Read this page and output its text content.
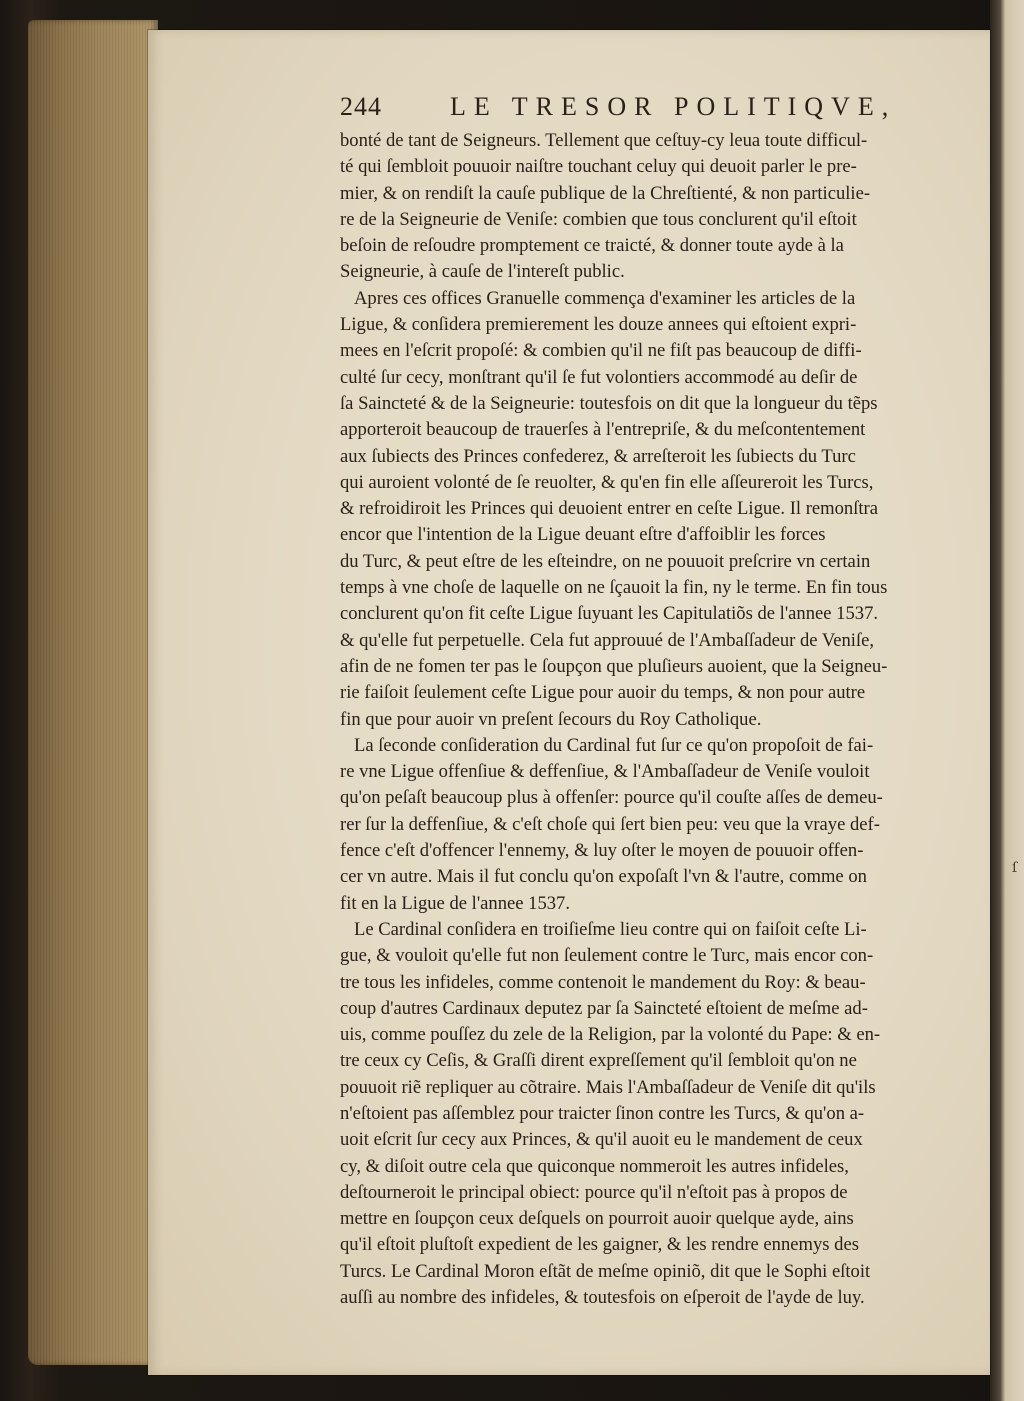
ſ
244	LE TRESOR POLITIQVE,
bonté de tant de Seigneurs. Tellement que ceſtuy-cy leua toute difficul-
té qui ſembloit pouuoir naiſtre touchant celuy qui deuoit parler le pre-
mier, & on rendiſt la cauſe publique de la Chreſtienté, & non particulie-
re de la Seigneurie de Veniſe: combien que tous conclurent qu'il eſtoit
beſoin de reſoudre promptement ce traicté, & donner toute ayde à la
Seigneurie, à cauſe de l'intereſt public.
Apres ces offices Granuelle commença d'examiner les articles de la
Ligue, & conſidera premierement les douze annees qui eſtoient expri-
mees en l'eſcrit propoſé: & combien qu'il ne fiſt pas beaucoup de diffi-
culté ſur cecy, monſtrant qu'il ſe fut volontiers accommodé au deſir de
ſa Saincteté & de la Seigneurie: toutesfois on dit que la longueur du tẽps
apporteroit beaucoup de trauerſes à l'entrepriſe, & du meſcontentement
aux ſubiects des Princes confederez, & arreſteroit les ſubiects du Turc
qui auroient volonté de ſe reuolter, & qu'en fin elle aſſeureroit les Turcs,
& refroidiroit les Princes qui deuoient entrer en ceſte Ligue. Il remonſtra
encor que l'intention de la Ligue deuant eſtre d'affoiblir les forces
du Turc, & peut eſtre de les eſteindre, on ne pouuoit preſcrire vn certain
temps à vne choſe de laquelle on ne ſçauoit la fin, ny le terme. En fin tous
conclurent qu'on fit ceſte Ligue ſuyuant les Capitulatiõs de l'annee 1537.
& qu'elle fut perpetuelle. Cela fut approuué de l'Ambaſſadeur de Veniſe,
afin de ne fomen ter pas le ſoupçon que pluſieurs auoient, que la Seigneu-
rie faiſoit ſeulement ceſte Ligue pour auoir du temps, & non pour autre
fin que pour auoir vn preſent ſecours du Roy Catholique.
La ſeconde conſideration du Cardinal fut ſur ce qu'on propoſoit de fai-
re vne Ligue offenſiue & deffenſiue, & l'Ambaſſadeur de Veniſe vouloit
qu'on peſaſt beaucoup plus à offenſer: pource qu'il couſte aſſes de demeu-
rer ſur la deffenſiue, & c'eſt choſe qui ſert bien peu: veu que la vraye def-
fence c'eſt d'offencer l'ennemy, & luy oſter le moyen de pouuoir offen-
cer vn autre. Mais il fut conclu qu'on expoſaſt l'vn & l'autre, comme on
fit en la Ligue de l'annee 1537.
Le Cardinal conſidera en troiſieſme lieu contre qui on faiſoit ceſte Li-
gue, & vouloit qu'elle fut non ſeulement contre le Turc, mais encor con-
tre tous les infideles, comme contenoit le mandement du Roy: & beau-
coup d'autres Cardinaux deputez par ſa Saincteté eſtoient de meſme ad-
uis, comme pouſſez du zele de la Religion, par la volonté du Pape: & en-
tre ceux cy Ceſis, & Graſſi dirent expreſſement qu'il ſembloit qu'on ne
pouuoit riẽ repliquer au cõtraire. Mais l'Ambaſſadeur de Veniſe dit qu'ils
n'eſtoient pas aſſemblez pour traicter ſinon contre les Turcs, & qu'on a-
uoit eſcrit ſur cecy aux Princes, & qu'il auoit eu le mandement de ceux
cy, & diſoit outre cela que quiconque nommeroit les autres infideles,
deſtourneroit le principal obiect: pource qu'il n'eſtoit pas à propos de
mettre en ſoupçon ceux deſquels on pourroit auoir quelque ayde, ains
qu'il eſtoit pluſtoſt expedient de les gaigner, & les rendre ennemys des
Turcs. Le Cardinal Moron eſtãt de meſme opiniõ, dit que le Sophi eſtoit
auſſi au nombre des infideles, & toutesfois on eſperoit de l'ayde de luy.
